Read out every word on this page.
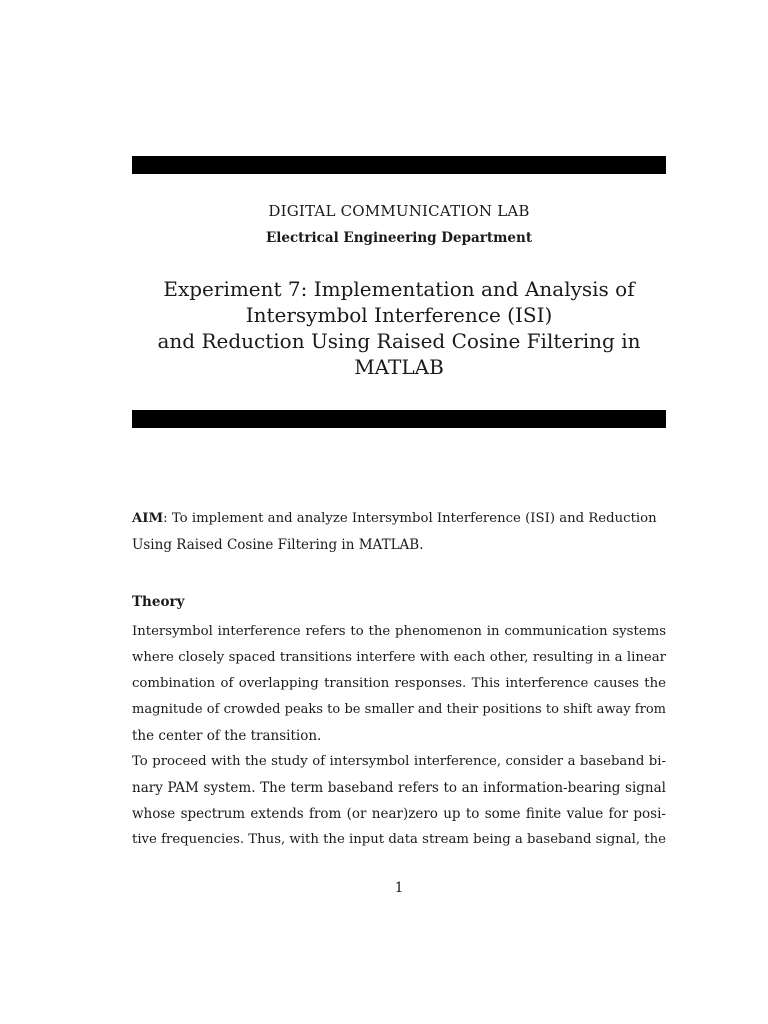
DIGITAL COMMUNICATION LAB
Electrical Engineering Department
Experiment 7: Implementation and Analysis of
Intersymbol Interference (ISI)
and Reduction Using Raised Cosine Filtering in
MATLAB
AIM: To implement and analyze Intersymbol Interference (ISI) and Reduction
Using Raised Cosine Filtering in MATLAB.
Theory
Intersymbol interference refers to the phenomenon in communication systems
where closely spaced transitions interfere with each other, resulting in a linear
combination of overlapping transition responses. This interference causes the
magnitude of crowded peaks to be smaller and their positions to shift away from
the center of the transition.
To proceed with the study of intersymbol interference, consider a baseband bi-
nary PAM system. The term baseband refers to an information-bearing signal
whose spectrum extends from (or near)zero up to some finite value for posi-
tive frequencies. Thus, with the input data stream being a baseband signal, the
1
